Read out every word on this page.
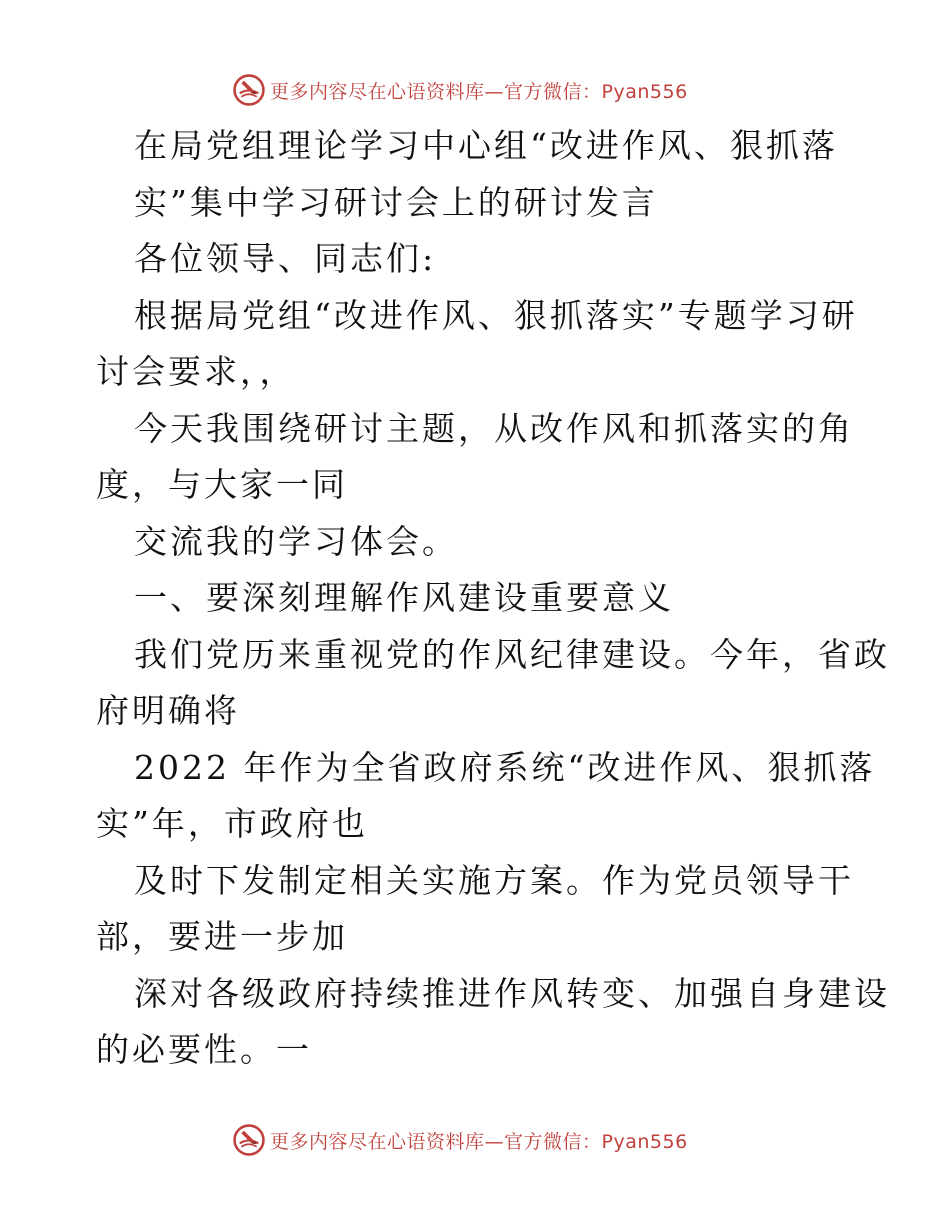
更多内容尽在心语资料库—官方微信：Pyan556
在局党组理论学习中心组“改进作风、狠抓落
实”集中学习研讨会上的研讨发言
各位领导、同志们:
根据局党组“改进作风、狠抓落实”专题学习研
讨会要求，，
今天我围绕研讨主题，从改作风和抓落实的角
度，与大家一同
交流我的学习体会。
一、要深刻理解作风建设重要意义
我们党历来重视党的作风纪律建设。今年，省政
府明确将
2022 年作为全省政府系统“改进作风、狠抓落
实”年，市政府也
及时下发制定相关实施方案。作为党员领导干
部，要进一步加
深对各级政府持续推进作风转变、加强自身建设
的必要性。一
更多内容尽在心语资料库—官方微信：Pyan556
